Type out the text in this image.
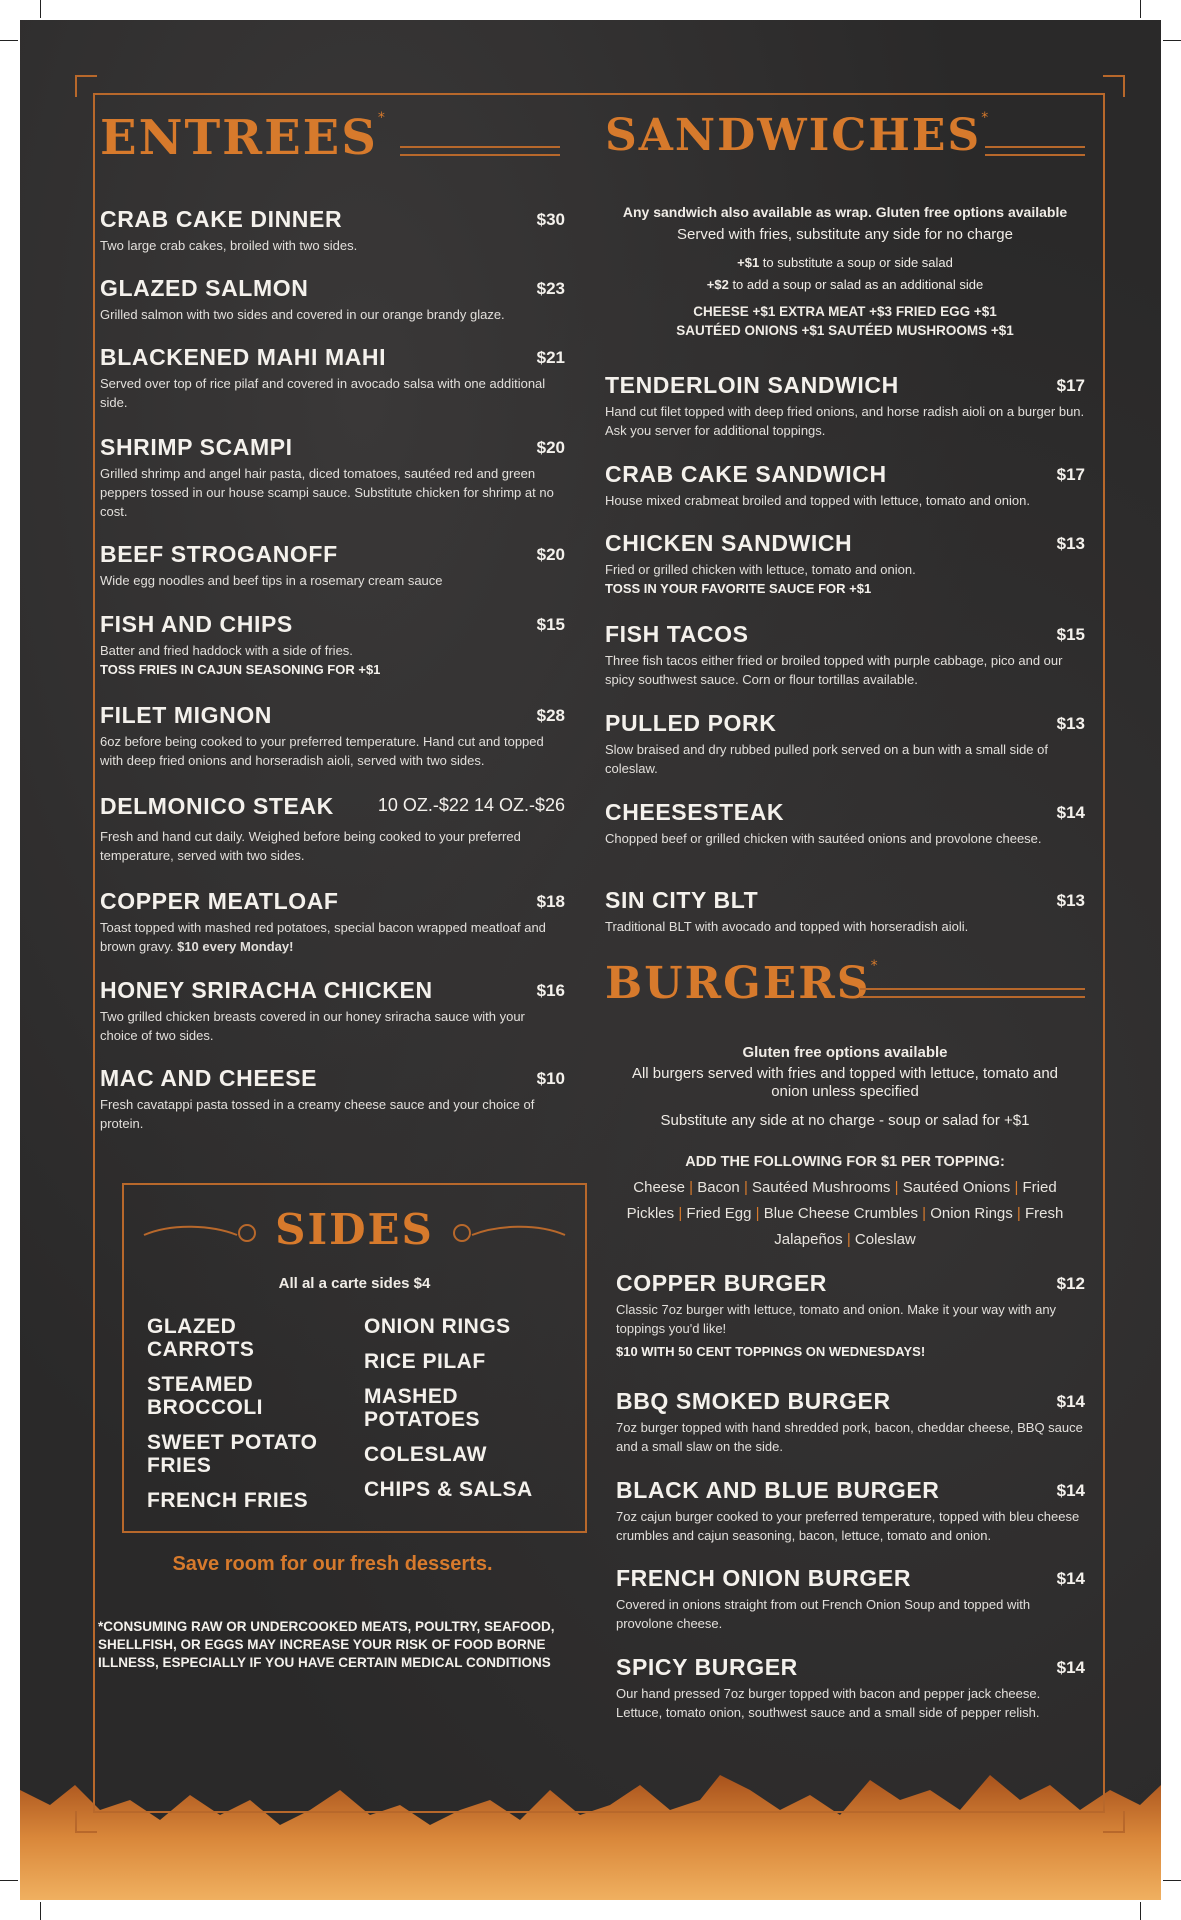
ENTREES*
CRAB CAKE DINNER	$30
Two large crab cakes, broiled with two sides.
GLAZED SALMON	$23
Grilled salmon with two sides and covered in our orange brandy glaze.
BLACKENED MAHI MAHI	$21
Served over top of rice pilaf and covered in avocado salsa with one additional side.
SHRIMP SCAMPI	$20
Grilled shrimp and angel hair pasta, diced tomatoes, sautéed red and green peppers tossed in our house scampi sauce. Substitute chicken for shrimp at no cost.
BEEF STROGANOFF	$20
Wide egg noodles and beef tips in a rosemary cream sauce
FISH AND CHIPS	$15
Batter and fried haddock with a side of fries.
TOSS FRIES IN CAJUN SEASONING FOR +$1
FILET MIGNON	$28
6oz before being cooked to your preferred temperature. Hand cut and topped with deep fried onions and horseradish aioli, served with two sides.
DELMONICO STEAK	10 OZ.-$22 14 OZ.-$26
Fresh and hand cut daily. Weighed before being cooked to your preferred temperature, served with two sides.
COPPER MEATLOAF	$18
Toast topped with mashed red potatoes, special bacon wrapped meatloaf and brown gravy. $10 every Monday!
HONEY SRIRACHA CHICKEN	$16
Two grilled chicken breasts covered in our honey sriracha sauce with your choice of two sides.
MAC AND CHEESE	$10
Fresh cavatappi pasta tossed in a creamy cheese sauce and your choice of protein.
SIDES
All al a carte sides $4
GLAZED CARROTS
STEAMED BROCCOLI
SWEET POTATO FRIES
FRENCH FRIES
ONION RINGS
RICE PILAF
MASHED POTATOES
COLESLAW
CHIPS & SALSA
Save room for our fresh desserts.
*CONSUMING RAW OR UNDERCOOKED MEATS, POULTRY, SEAFOOD, SHELLFISH, OR EGGS MAY INCREASE YOUR RISK OF FOOD BORNE ILLNESS, ESPECIALLY IF YOU HAVE CERTAIN MEDICAL CONDITIONS
SANDWICHES*
Any sandwich also available as wrap. Gluten free options available
Served with fries, substitute any side for no charge
+$1 to substitute a soup or side salad
+$2 to add a soup or salad as an additional side
CHEESE +$1 EXTRA MEAT +$3 FRIED EGG +$1
SAUTÉED ONIONS +$1 SAUTÉED MUSHROOMS +$1
TENDERLOIN SANDWICH	$17
Hand cut filet topped with deep fried onions, and horse radish aioli on a burger bun. Ask you server for additional toppings.
CRAB CAKE SANDWICH	$17
House mixed crabmeat broiled and topped with lettuce, tomato and onion.
CHICKEN SANDWICH	$13
Fried or grilled chicken with lettuce, tomato and onion.
TOSS IN YOUR FAVORITE SAUCE FOR +$1
FISH TACOS	$15
Three fish tacos either fried or broiled topped with purple cabbage, pico and our spicy southwest sauce. Corn or flour tortillas available.
PULLED PORK	$13
Slow braised and dry rubbed pulled pork served on a bun with a small side of coleslaw.
CHEESESTEAK	$14
Chopped beef or grilled chicken with sautéed onions and provolone cheese.
SIN CITY BLT	$13
Traditional BLT with avocado and topped with horseradish aioli.
BURGERS*
Gluten free options available
All burgers served with fries and topped with lettuce, tomato and
onion unless specified
Substitute any side at no charge - soup or salad for +$1
ADD THE FOLLOWING FOR $1 PER TOPPING:
Cheese | Bacon | Sautéed Mushrooms | Sautéed Onions | Fried Pickles | Fried Egg | Blue Cheese Crumbles | Onion Rings | Fresh Jalapeños | Coleslaw
COPPER BURGER	$12
Classic 7oz burger with lettuce, tomato and onion. Make it your way with any toppings you'd like!
$10 WITH 50 CENT TOPPINGS ON WEDNESDAYS!
BBQ SMOKED BURGER	$14
7oz burger topped with hand shredded pork, bacon, cheddar cheese, BBQ sauce and a small slaw on the side.
BLACK AND BLUE BURGER	$14
7oz cajun burger cooked to your preferred temperature, topped with bleu cheese crumbles and cajun seasoning, bacon, lettuce, tomato and onion.
FRENCH ONION BURGER	$14
Covered in onions straight from out French Onion Soup and topped with provolone cheese.
SPICY BURGER	$14
Our hand pressed 7oz burger topped with bacon and pepper jack cheese. Lettuce, tomato onion, southwest sauce and a small side of pepper relish.
